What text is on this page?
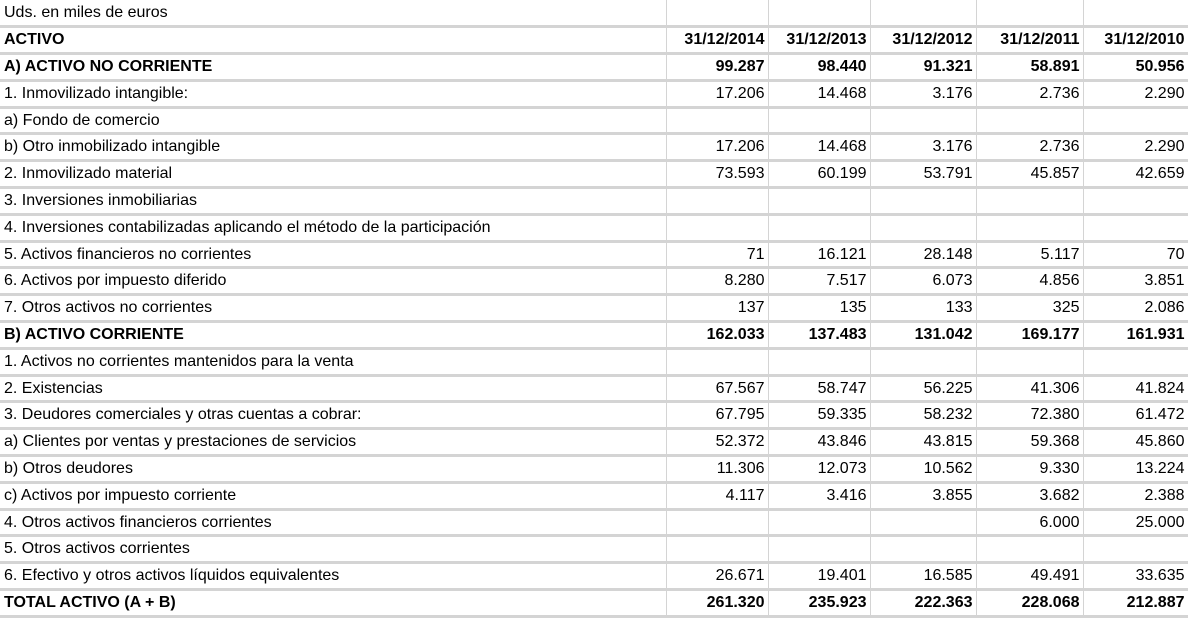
Uds. en miles de euros					
ACTIVO	31/12/2014	31/12/2013	31/12/2012	31/12/2011	31/12/2010
A) ACTIVO NO CORRIENTE	99.287	98.440	91.321	58.891	50.956
1. Inmovilizado intangible:	17.206	14.468	3.176	2.736	2.290
a) Fondo de comercio					
b) Otro inmobilizado intangible	17.206	14.468	3.176	2.736	2.290
2. Inmovilizado material	73.593	60.199	53.791	45.857	42.659
3. Inversiones inmobiliarias					
4. Inversiones contabilizadas aplicando el método de la participación					
5. Activos financieros no corrientes	71	16.121	28.148	5.117	70
6. Activos por impuesto diferido	8.280	7.517	6.073	4.856	3.851
7. Otros activos no corrientes	137	135	133	325	2.086
B) ACTIVO CORRIENTE	162.033	137.483	131.042	169.177	161.931
1. Activos no corrientes mantenidos para la venta					
2. Existencias	67.567	58.747	56.225	41.306	41.824
3. Deudores comerciales y otras cuentas a cobrar:	67.795	59.335	58.232	72.380	61.472
a) Clientes por ventas y prestaciones de servicios	52.372	43.846	43.815	59.368	45.860
b) Otros deudores	11.306	12.073	10.562	9.330	13.224
c) Activos por impuesto corriente	4.117	3.416	3.855	3.682	2.388
4. Otros activos financieros corrientes				6.000	25.000
5. Otros activos corrientes					
6. Efectivo y otros activos líquidos equivalentes	26.671	19.401	16.585	49.491	33.635
TOTAL ACTIVO (A + B)	261.320	235.923	222.363	228.068	212.887
